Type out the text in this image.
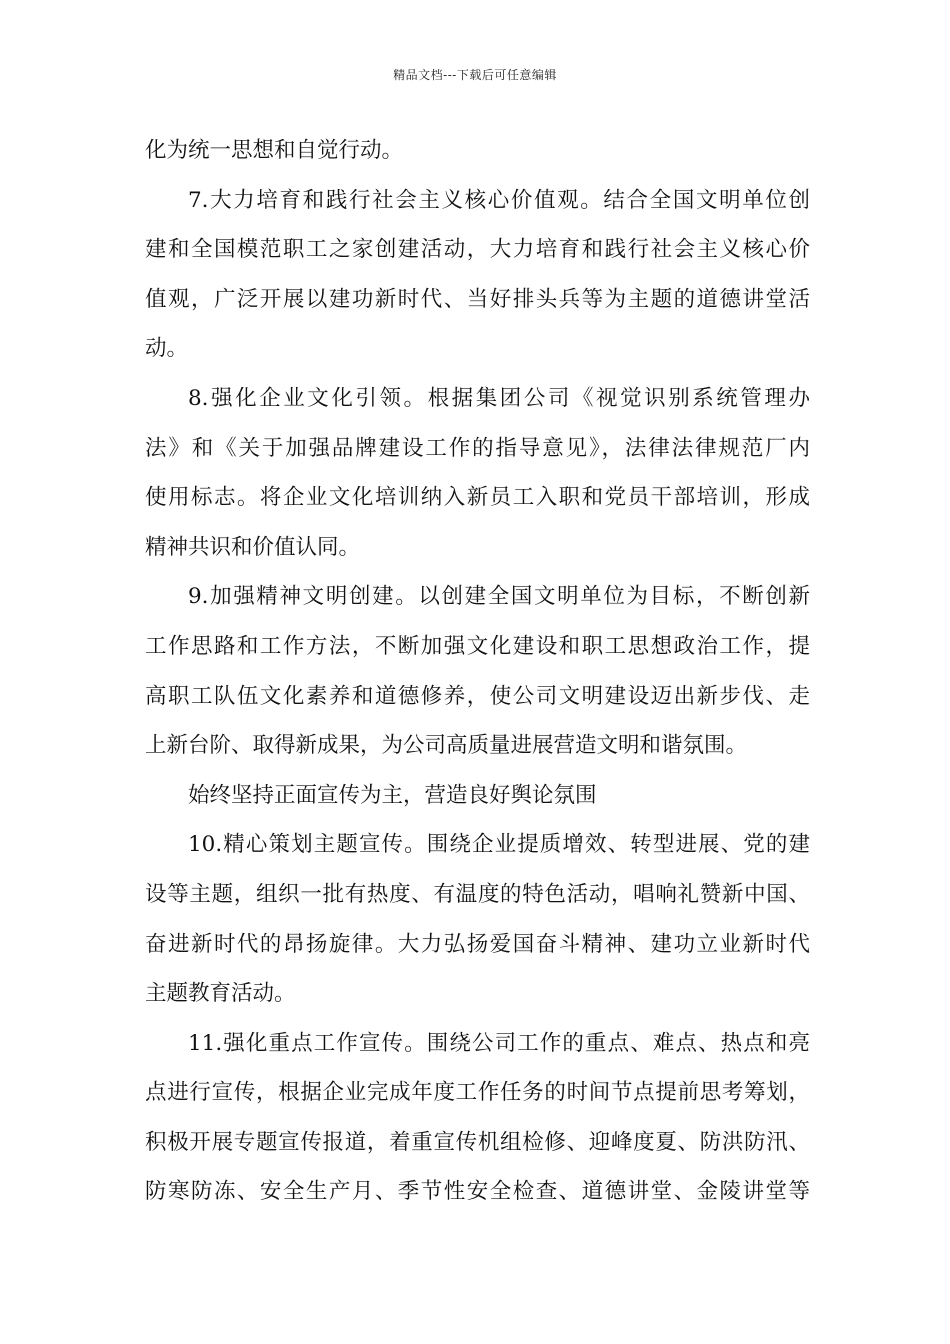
精品文档---下载后可任意编辑
化为统一思想和自觉行动。
7.大力培育和践行社会主义核心价值观。结合全国文明单位创
建和全国模范职工之家创建活动，大力培育和践行社会主义核心价
值观，广泛开展以建功新时代、当好排头兵等为主题的道德讲堂活
动。
8.强化企业文化引领。根据集团公司《视觉识别系统管理办
法》和《关于加强品牌建设工作的指导意见》，法律法律规范厂内
使用标志。将企业文化培训纳入新员工入职和党员干部培训，形成
精神共识和价值认同。
9.加强精神文明创建。以创建全国文明单位为目标，不断创新
工作思路和工作方法，不断加强文化建设和职工思想政治工作，提
高职工队伍文化素养和道德修养，使公司文明建设迈出新步伐、走
上新台阶、取得新成果，为公司高质量进展营造文明和谐氛围。
始终坚持正面宣传为主，营造良好舆论氛围
10.精心策划主题宣传。围绕企业提质增效、转型进展、党的建
设等主题，组织一批有热度、有温度的特色活动，唱响礼赞新中国、
奋进新时代的昂扬旋律。大力弘扬爱国奋斗精神、建功立业新时代
主题教育活动。
11.强化重点工作宣传。围绕公司工作的重点、难点、热点和亮
点进行宣传，根据企业完成年度工作任务的时间节点提前思考筹划，
积极开展专题宣传报道，着重宣传机组检修、迎峰度夏、防洪防汛、
防寒防冻、安全生产月、季节性安全检查、道德讲堂、金陵讲堂等
